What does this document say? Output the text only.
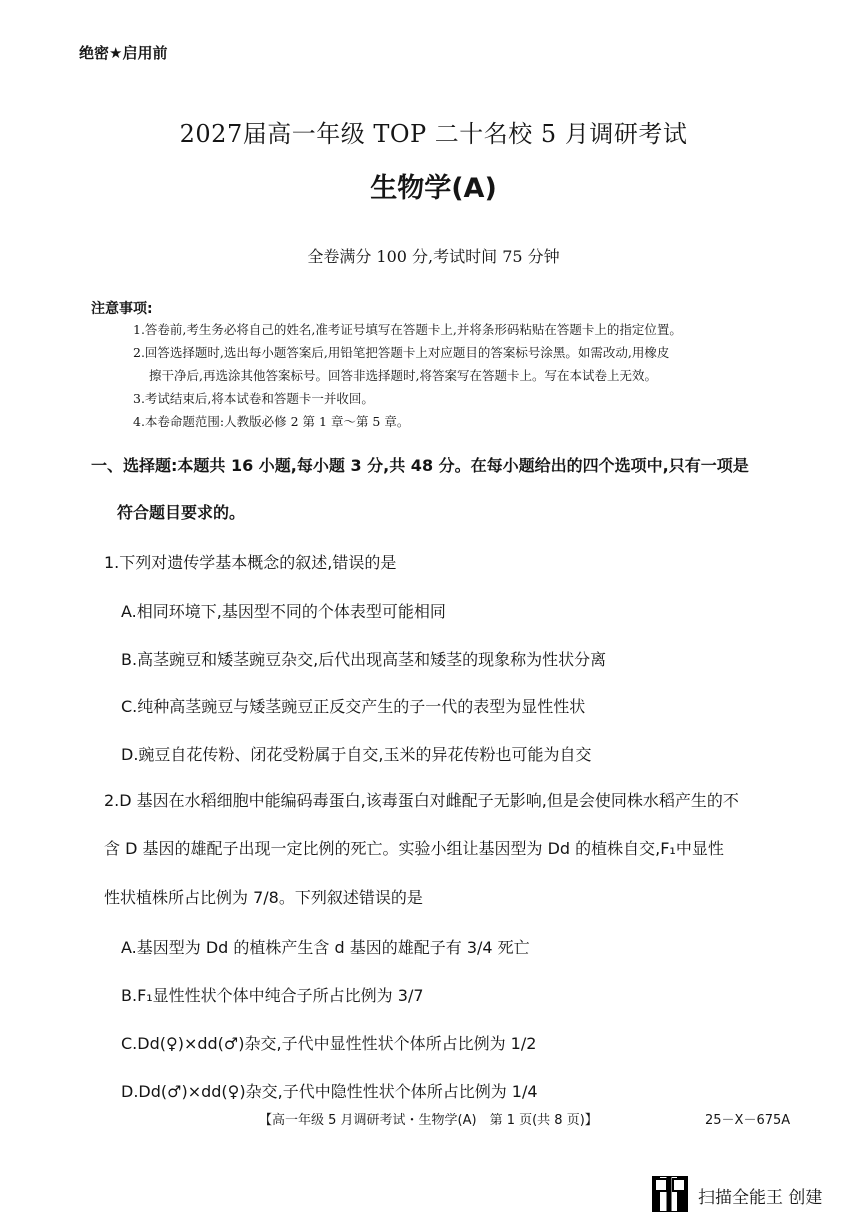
绝密★启用前
2027届高一年级 TOP 二十名校 5 月调研考试
生物学(A)
全卷满分 100 分,考试时间 75 分钟
注意事项:
1.答卷前,考生务必将自己的姓名,准考证号填写在答题卡上,并将条形码粘贴在答题卡上的指定位置。
2.回答选择题时,选出每小题答案后,用铅笔把答题卡上对应题目的答案标号涂黑。如需改动,用橡皮
擦干净后,再选涂其他答案标号。回答非选择题时,将答案写在答题卡上。写在本试卷上无效。
3.考试结束后,将本试卷和答题卡一并收回。
4.本卷命题范围:人教版必修 2 第 1 章～第 5 章。
一、选择题:本题共 16 小题,每小题 3 分,共 48 分。在每小题给出的四个选项中,只有一项是
符合题目要求的。
1.下列对遗传学基本概念的叙述,错误的是
A.相同环境下,基因型不同的个体表型可能相同
B.高茎豌豆和矮茎豌豆杂交,后代出现高茎和矮茎的现象称为性状分离
C.纯种高茎豌豆与矮茎豌豆正反交产生的子一代的表型为显性性状
D.豌豆自花传粉、闭花受粉属于自交,玉米的异花传粉也可能为自交
2.D 基因在水稻细胞中能编码毒蛋白,该毒蛋白对雌配子无影响,但是会使同株水稻产生的不
含 D 基因的雄配子出现一定比例的死亡。实验小组让基因型为 Dd 的植株自交,F₁中显性
性状植株所占比例为 7/8。下列叙述错误的是
A.基因型为 Dd 的植株产生含 d 基因的雄配子有 3/4 死亡
B.F₁显性性状个体中纯合子所占比例为 3/7
C.Dd(♀)×dd(♂)杂交,子代中显性性状个体所占比例为 1/2
D.Dd(♂)×dd(♀)杂交,子代中隐性性状个体所占比例为 1/4
【高一年级 5 月调研考试・生物学(A)　第 1 页(共 8 页)】	25－X－675A
扫描全能王 创建
